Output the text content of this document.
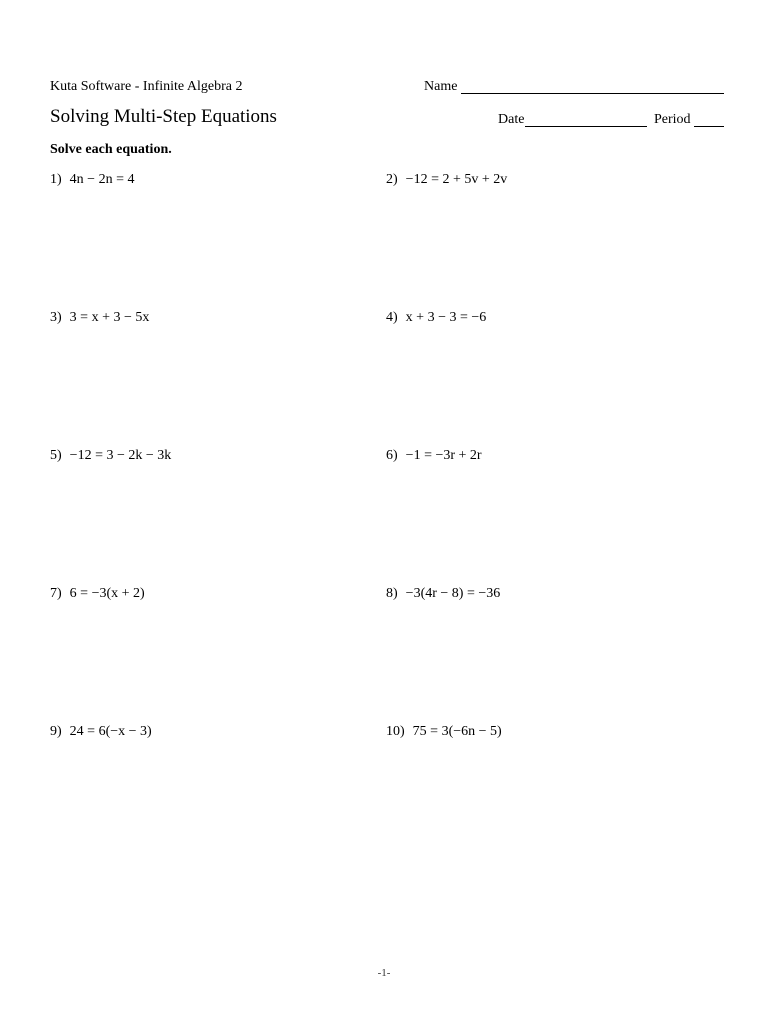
Kuta Software - Infinite Algebra 2	Name
Solving Multi-Step Equations	Date	Period
Solve each equation.
1) 4n − 2n = 4	2) −12 = 2 + 5v + 2v
3) 3 = x + 3 − 5x	4) x + 3 − 3 = −6
5) −12 = 3 − 2k − 3k	6) −1 = −3r + 2r
7) 6 = −3(x + 2)	8) −3(4r − 8) = −36
9) 24 = 6(−x − 3)	10) 75 = 3(−6n − 5)
-1-
